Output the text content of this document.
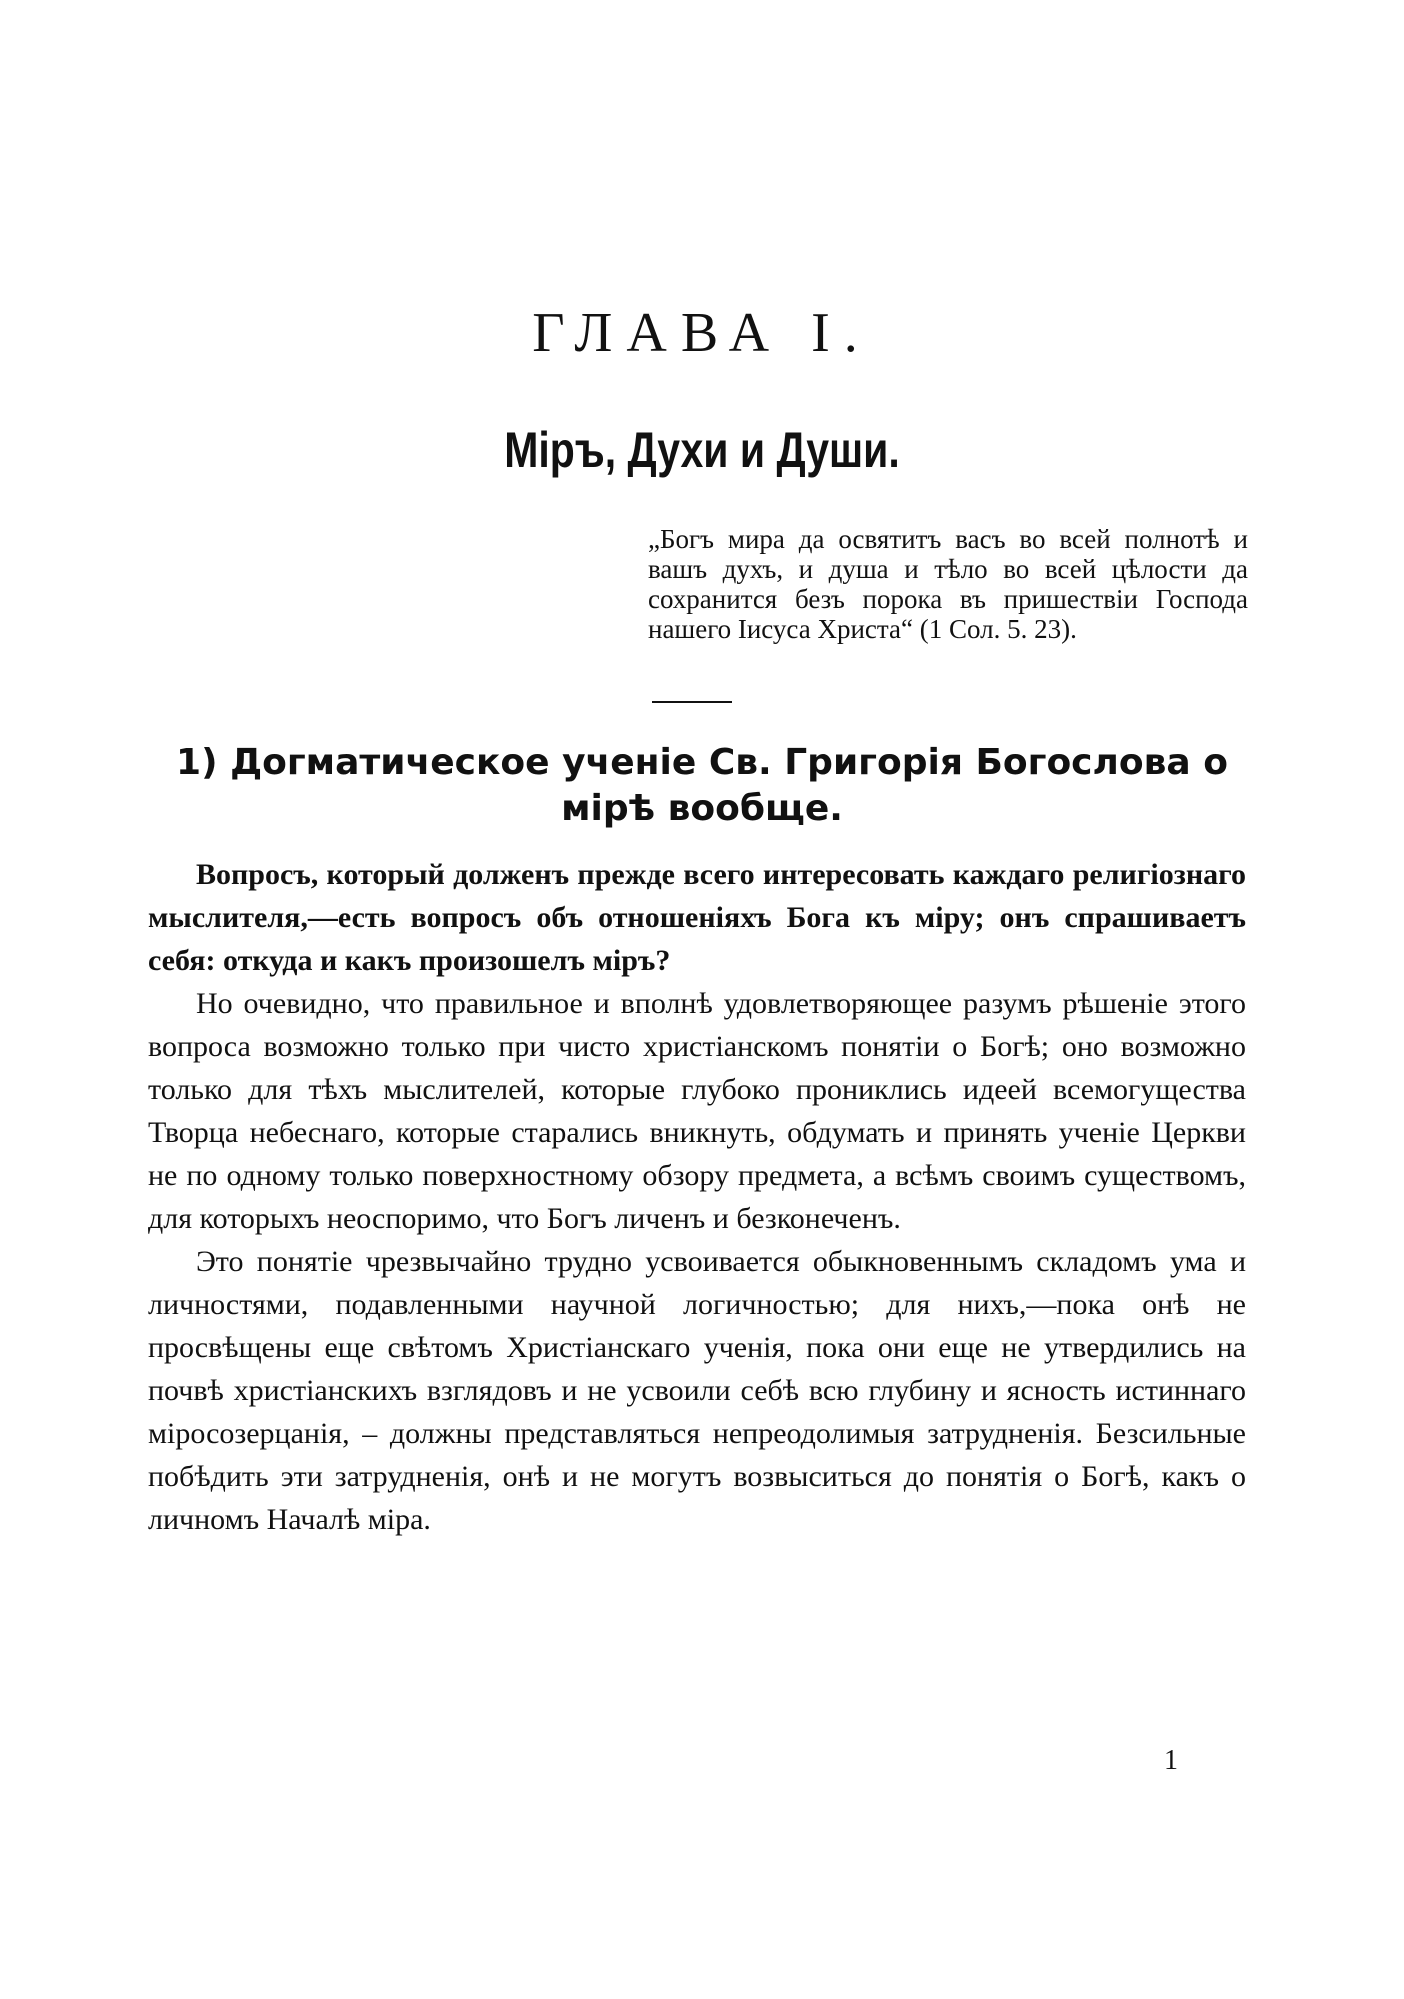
ГЛАВА I.
Міръ, Духи и Души.

„Богъ мира да освятитъ васъ во всей полнотѣ и вашъ духъ, и душа и тѣло во всей цѣлости да сохранится безъ порока въ пришествіи Господа нашего Іисуса Христа“ (1 Сол. 5. 23).

1) Догматическое ученіе Св. Григорія Богослова о мірѣ вообще.

Вопросъ, который долженъ прежде всего интересовать каждаго религіознаго мыслителя,—есть вопросъ объ отношеніяхъ Бога къ міру; онъ спрашиваетъ себя: откуда и какъ произошелъ міръ?

Но очевидно, что правильное и вполнѣ удовлетворяющее разумъ рѣшеніе этого вопроса возможно только при чисто христіанскомъ понятіи о Богѣ; оно возможно только для тѣхъ мыслителей, которые глубоко прониклись идеей всемогущества Творца небеснаго, которые старались вникнуть, обдумать и принять ученіе Церкви не по одному только поверхностному обзору предмета, а всѣмъ своимъ существомъ, для которыхъ неоспоримо, что Богъ личенъ и безконеченъ.

Это понятіе чрезвычайно трудно усвоивается обыкновеннымъ складомъ ума и личностями, подавленными научной логичностью; для нихъ,—пока онѣ не просвѣщены еще свѣтомъ Христіанскаго ученія, пока они еще не утвердились на почвѣ христіанскихъ взглядовъ и не усвоили себѣ всю глубину и ясность истиннаго міросозерцанія, – должны представляться непреодолимыя затрудненія. Безсильные побѣдить эти затрудненія, онѣ и не могутъ возвыситься до понятія о Богѣ, какъ о личномъ Началѣ міра.

1
